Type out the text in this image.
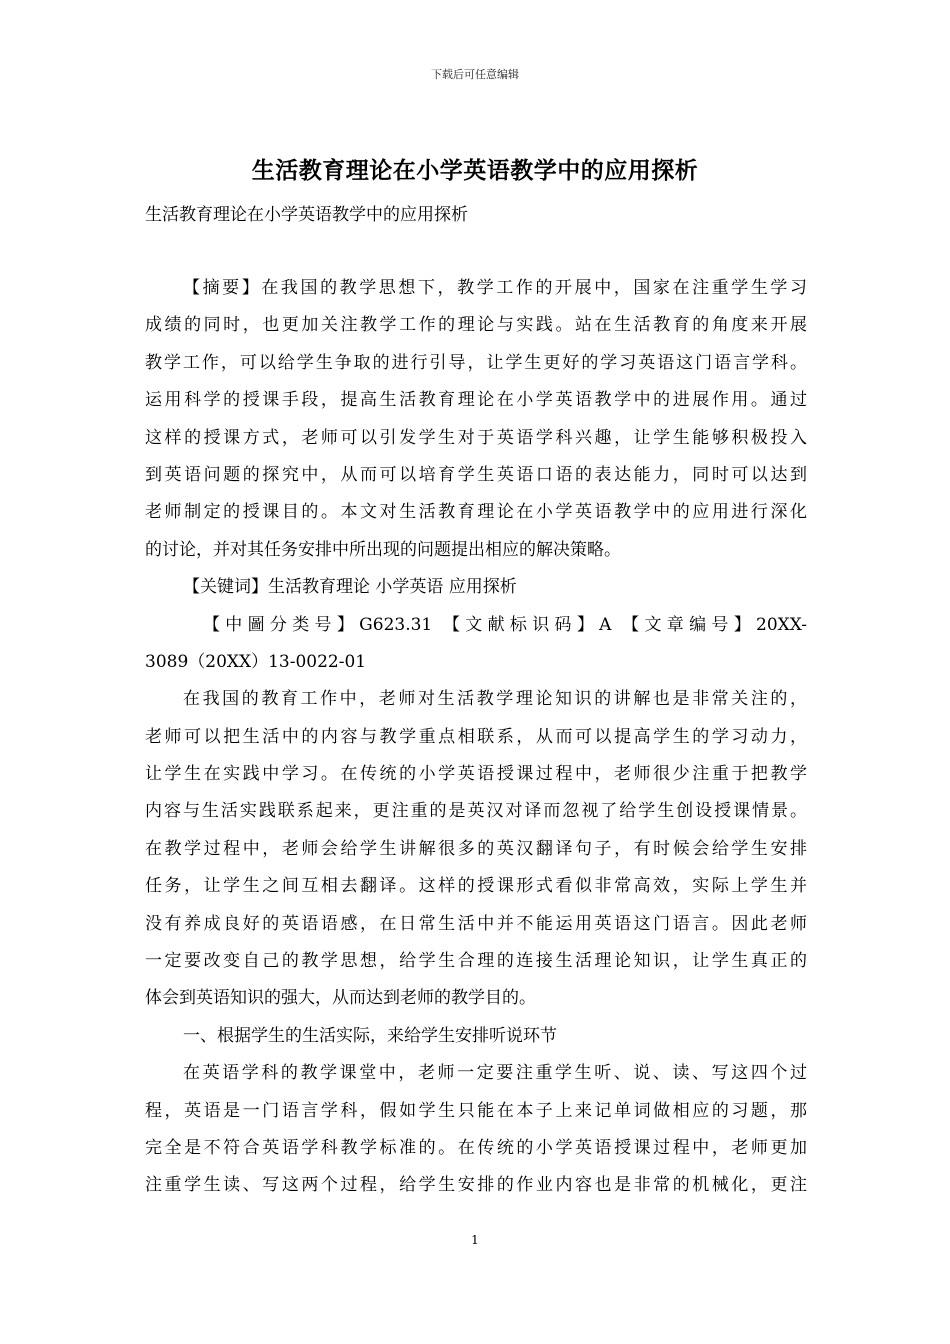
下载后可任意编辑
生活教育理论在小学英语教学中的应用探析
生活教育理论在小学英语教学中的应用探析
【摘要】在我国的教学思想下，教学工作的开展中，国家在注重学生学习
成绩的同时，也更加关注教学工作的理论与实践。站在生活教育的角度来开展
教学工作，可以给学生争取的进行引导，让学生更好的学习英语这门语言学科。
运用科学的授课手段，提高生活教育理论在小学英语教学中的进展作用。通过
这样的授课方式，老师可以引发学生对于英语学科兴趣，让学生能够积极投入
到英语问题的探究中，从而可以培育学生英语口语的表达能力，同时可以达到
老师制定的授课目的。本文对生活教育理论在小学英语教学中的应用进行深化
的讨论，并对其任务安排中所出现的问题提出相应的解决策略。
【关键词】生活教育理论 小学英语 应用探析
【中圖分类号】G623.31 【文献标识码】A 【文章编号】20XX-
3089（20XX）13-0022-01
在我国的教育工作中，老师对生活教学理论知识的讲解也是非常关注的，
老师可以把生活中的内容与教学重点相联系，从而可以提高学生的学习动力，
让学生在实践中学习。在传统的小学英语授课过程中，老师很少注重于把教学
内容与生活实践联系起来，更注重的是英汉对译而忽视了给学生创设授课情景。
在教学过程中，老师会给学生讲解很多的英汉翻译句子，有时候会给学生安排
任务，让学生之间互相去翻译。这样的授课形式看似非常高效，实际上学生并
没有养成良好的英语语感，在日常生活中并不能运用英语这门语言。因此老师
一定要改变自己的教学思想，给学生合理的连接生活理论知识，让学生真正的
体会到英语知识的强大，从而达到老师的教学目的。
一、根据学生的生活实际，来给学生安排听说环节
在英语学科的教学课堂中，老师一定要注重学生听、说、读、写这四个过
程，英语是一门语言学科，假如学生只能在本子上来记单词做相应的习题，那
完全是不符合英语学科教学标准的。在传统的小学英语授课过程中，老师更加
注重学生读、写这两个过程，给学生安排的作业内容也是非常的机械化，更注
1
